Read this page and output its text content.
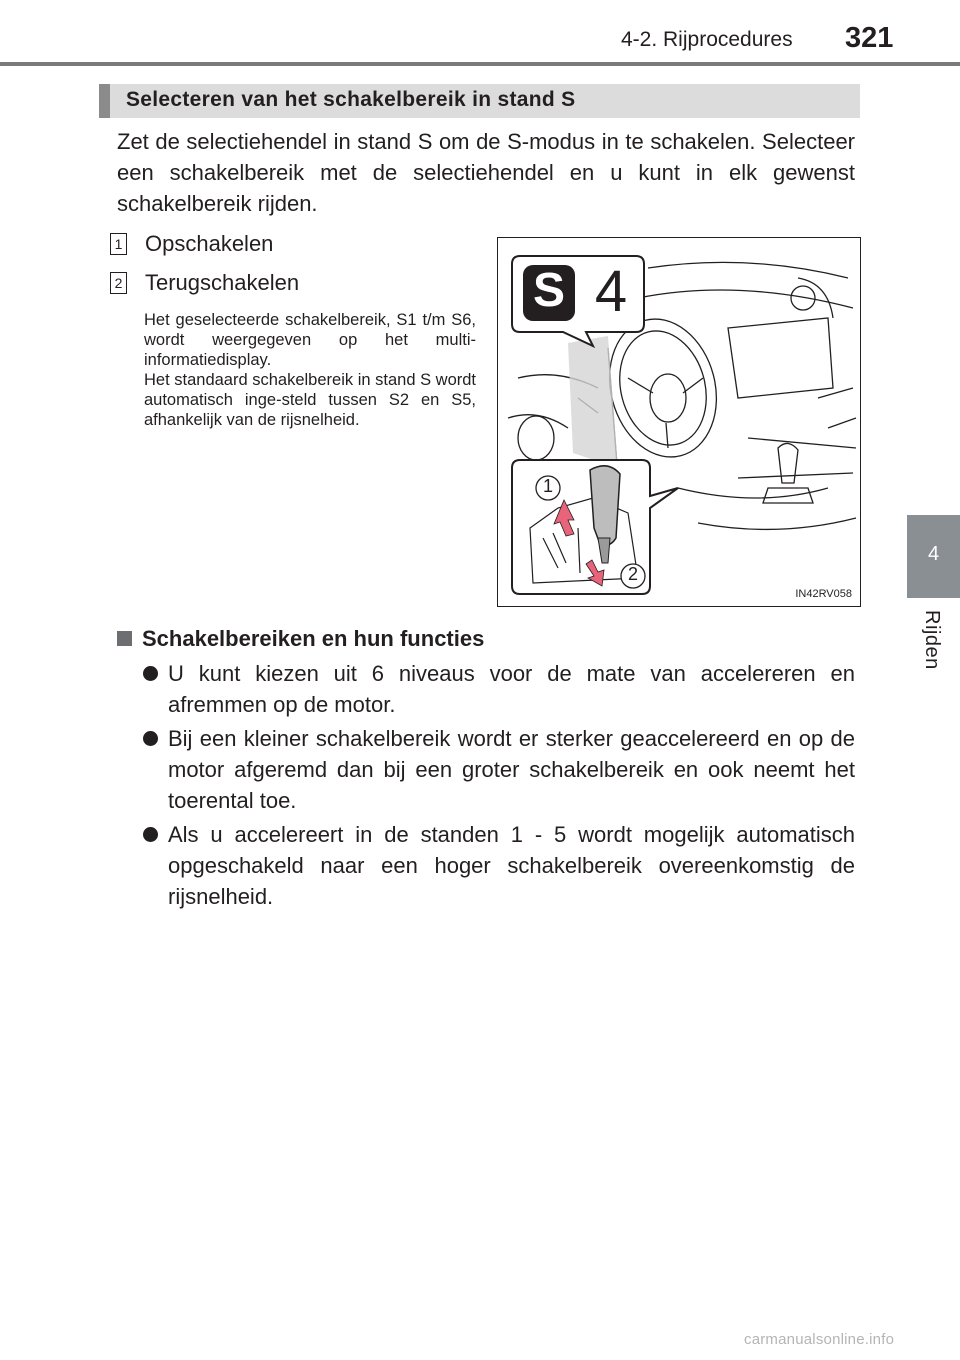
4-2. Rijprocedures 321
4
Rijden
Selecteren van het schakelbereik in stand S
Zet de selectiehendel in stand S om de S-modus in te schakelen. Selecteer een schakelbereik met de selectiehendel en u kunt in elk gewenst schakelbereik rijden.
1 Opschakelen
2 Terugschakelen

Het geselecteerde schakelbereik, S1 t/m S6, wordt weergegeven op het multi-informatiedisplay.

Het standaard schakelbereik in stand S wordt automatisch inge-steld tussen S2 en S5, afhankelijk van de rijsnelheid.

S 4
1
2
IN42RV058
Schakelbereiken en hun functies
U kunt kiezen uit 6 niveaus voor de mate van accelereren en afremmen op de motor.
Bij een kleiner schakelbereik wordt er sterker geaccelereerd en op de motor afgeremd dan bij een groter schakelbereik en ook neemt het toerental toe.
Als u accelereert in de standen 1 - 5 wordt mogelijk automatisch opgeschakeld naar een hoger schakelbereik overeenkomstig de rijsnelheid.
carmanualsonline.info
